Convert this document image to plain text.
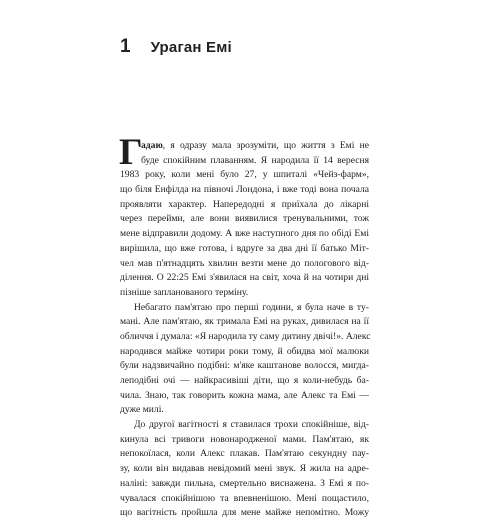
1 Ураган Емі
Г
адаю, я одразу мала зрозуміти, що життя з Емі не
буде спокійним плаванням. Я народила її 14 вересня
1983 року, коли мені було 27, у шпиталі «Чейз-фарм»,
що біля Енфілда на півночі Лондона, і вже тоді вона почала
проявляти характер. Напередодні я приїхала до лікарні
через перейми, але вони виявилися тренувальними, тож
мене відправили додому. А вже наступного дня по обіді Емі
вирішила, що вже готова, і вдруге за два дні її батько Міт-
чел мав п'ятнадцять хвилин везти мене до пологового від-
ділення. О 22:25 Емі з'явилася на світ, хоча й на чотири дні
пізніше запланованого терміну.
Небагато пам'ятаю про перші години, я була наче в ту-
мані. Але пам'ятаю, як тримала Емі на руках, дивилася на її
обличчя і думала: «Я народила ту саму дитину двічі!». Алекс
народився майже чотири роки тому, й обидва мої малюки
були надзвичайно подібні: м'яке каштанове волосся, мигда-
леподібні очі — найкрасивіші діти, що я коли-небудь ба-
чила. Знаю, так говорить кожна мама, але Алекс та Емі —
дуже милі.
До другої вагітності я ставилася трохи спокійніше, від-
кинула всі тривоги новонародженої мами. Пам'ятаю, як
непокоїлася, коли Алекс плакав. Пам'ятаю секундну пау-
зу, коли він видавав невідомий мені звук. Я жила на адре-
наліні: завжди пильна, смертельно виснажена. З Емі я по-
чувалася спокійнішою та впевненішою. Мені пощастило,
що вагітність пройшла для мене майже непомітно. Можу
